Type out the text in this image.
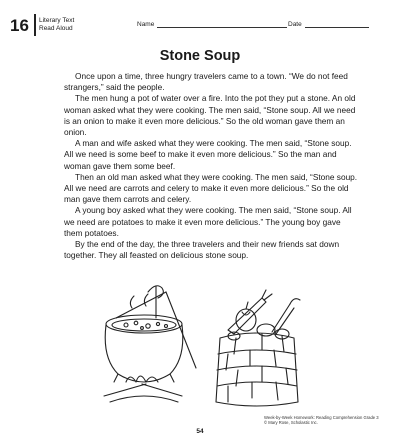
16 Literary Text
Read Aloud	Name	Date
Stone Soup

Once upon a time, three hungry travelers came to a town. “We do not feed strangers,” said the people.

The men hung a pot of water over a fire. Into the pot they put a stone. An old woman asked what they were cooking. The men said, “Stone soup. All we need is an onion to make it even more delicious.” So the old woman gave them an onion.

A man and wife asked what they were cooking. The men said, “Stone soup. All we need is some beef to make it even more delicious.” So the man and woman gave them some beef.

Then an old man asked what they were cooking. The men said, “Stone soup. All we need are carrots and celery to make it even more delicious.” So the old man gave them carrots and celery.

A young boy asked what they were cooking. The men said, “Stone soup. All we need are potatoes to make it even more delicious.” The young boy gave them potatoes.

By the end of the day, the three travelers and their new friends sat down together. They all feasted on delicious stone soup.

Week-by-Week Homework: Reading Comprehension Grade 3
© Mary Rose, Scholastic Inc.
54
